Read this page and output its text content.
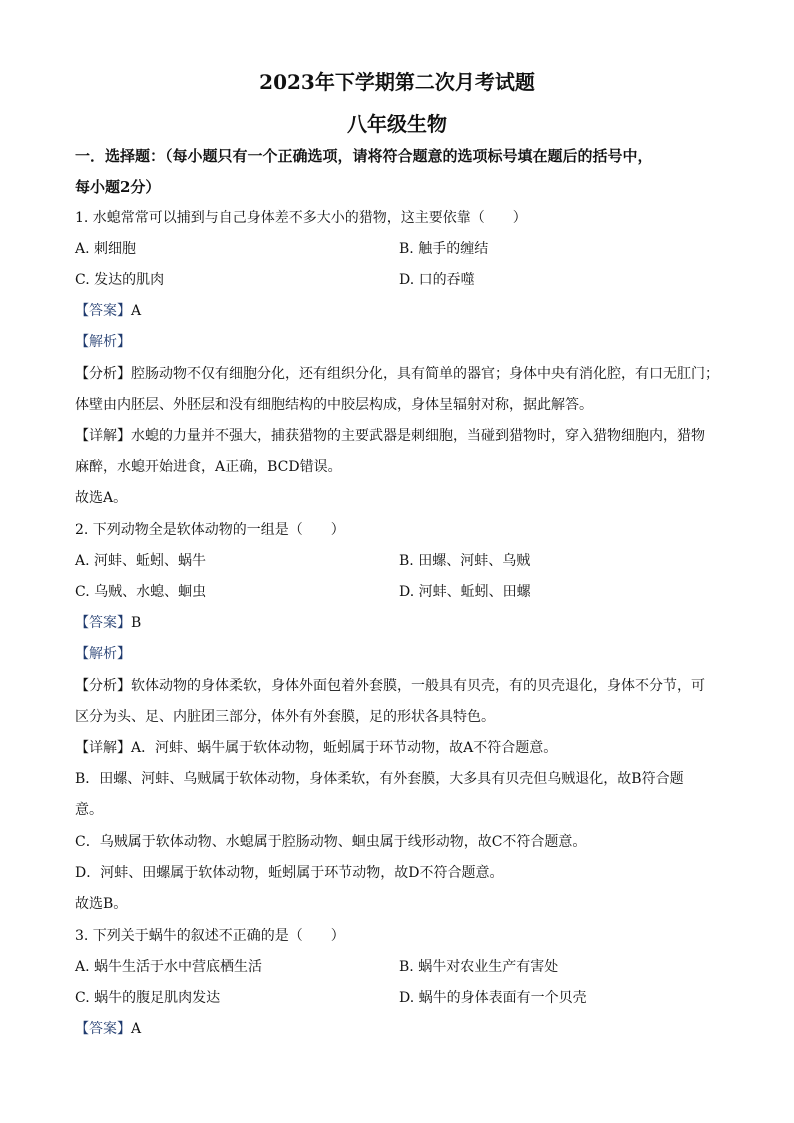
2023年下学期第二次月考试题
八年级生物
一．选择题：（每小题只有一个正确选项，请将符合题意的选项标号填在题后的括号中，
每小题2分）
1. 水螅常常可以捕到与自己身体差不多大小的猎物，这主要依靠（　　）
A. 刺细胞	B. 触手的缠结
C. 发达的肌肉	D. 口的吞噬
【答案】A
【解析】
【分析】腔肠动物不仅有细胞分化，还有组织分化，具有简单的器官；身体中央有消化腔，有口无肛门；
体壁由内胚层、外胚层和没有细胞结构的中胶层构成，身体呈辐射对称，据此解答。
【详解】水螅的力量并不强大，捕获猎物的主要武器是刺细胞，当碰到猎物时，穿入猎物细胞内，猎物
麻醉，水螅开始进食，A正确，BCD错误。
故选A。
2. 下列动物全是软体动物的一组是（　　）
A. 河蚌、蚯蚓、蜗牛	B. 田螺、河蚌、乌贼
C. 乌贼、水螅、蛔虫	D. 河蚌、蚯蚓、田螺
【答案】B
【解析】
【分析】软体动物的身体柔软，身体外面包着外套膜，一般具有贝壳，有的贝壳退化，身体不分节，可
区分为头、足、内脏团三部分，体外有外套膜，足的形状各具特色。
【详解】A．河蚌、蜗牛属于软体动物，蚯蚓属于环节动物，故A不符合题意。
B．田螺、河蚌、乌贼属于软体动物，身体柔软，有外套膜，大多具有贝壳但乌贼退化，故B符合题
意。
C．乌贼属于软体动物、水螅属于腔肠动物、蛔虫属于线形动物，故C不符合题意。
D．河蚌、田螺属于软体动物，蚯蚓属于环节动物，故D不符合题意。
故选B。
3. 下列关于蜗牛的叙述不正确的是（　　）
A. 蜗牛生活于水中营底栖生活	B. 蜗牛对农业生产有害处
C. 蜗牛的腹足肌肉发达	D. 蜗牛的身体表面有一个贝壳
【答案】A
